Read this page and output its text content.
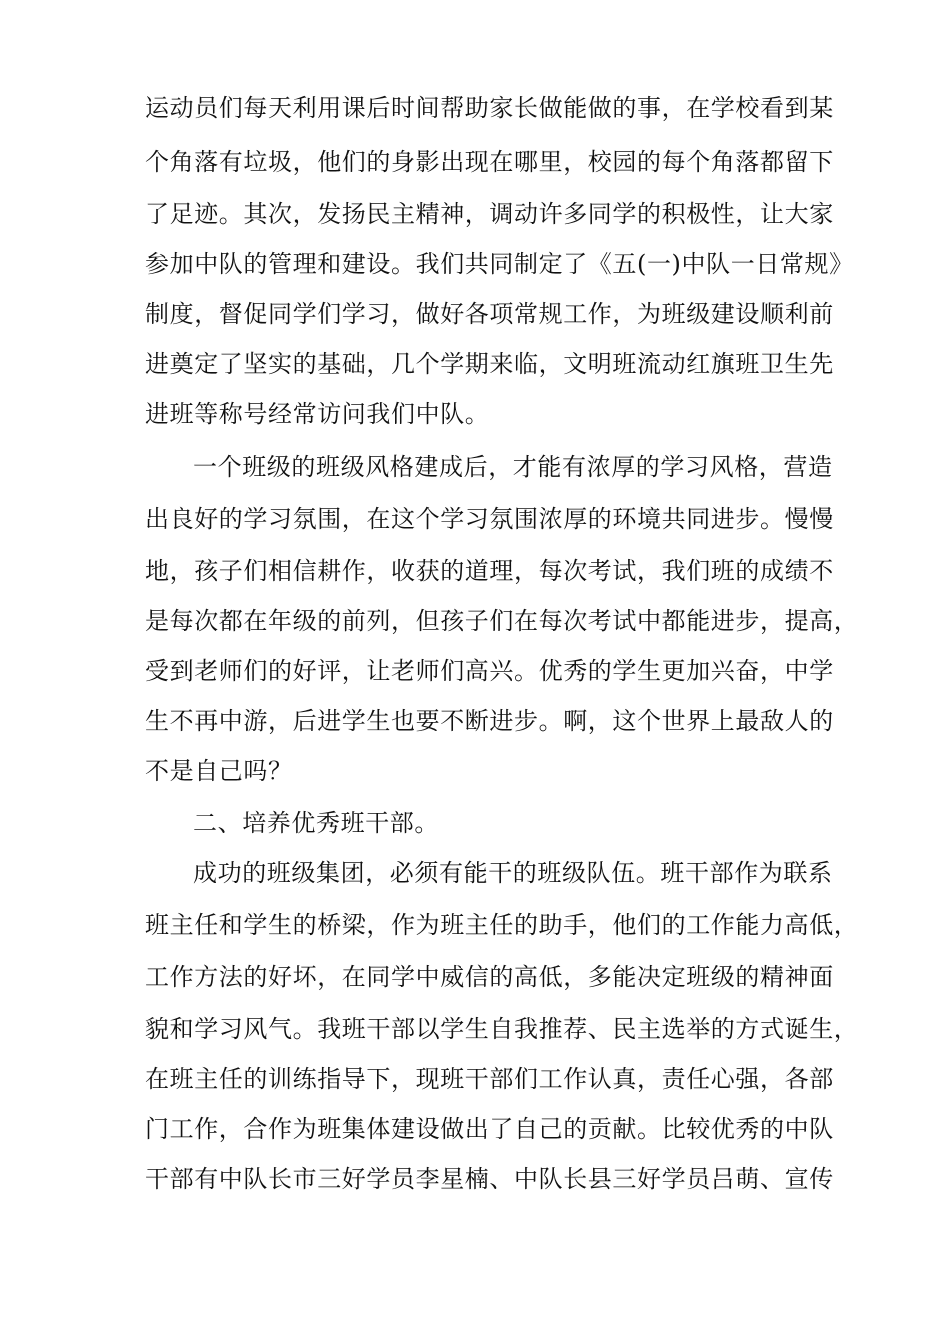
运动员们每天利用课后时间帮助家长做能做的事，在学校看到某
个角落有垃圾，他们的身影出现在哪里，校园的每个角落都留下
了足迹。其次，发扬民主精神，调动许多同学的积极性，让大家
参加中队的管理和建设。我们共同制定了《五(一)中队一日常规》
制度，督促同学们学习，做好各项常规工作，为班级建设顺利前
进奠定了坚实的基础，几个学期来临，文明班流动红旗班卫生先
进班等称号经常访问我们中队。
一个班级的班级风格建成后，才能有浓厚的学习风格，营造
出良好的学习氛围，在这个学习氛围浓厚的环境共同进步。慢慢
地，孩子们相信耕作，收获的道理，每次考试，我们班的成绩不
是每次都在年级的前列，但孩子们在每次考试中都能进步，提高，
受到老师们的好评，让老师们高兴。优秀的学生更加兴奋，中学
生不再中游，后进学生也要不断进步。啊，这个世界上最敌人的
不是自己吗？
二、培养优秀班干部。
成功的班级集团，必须有能干的班级队伍。班干部作为联系
班主任和学生的桥梁，作为班主任的助手，他们的工作能力高低，
工作方法的好坏，在同学中威信的高低，多能决定班级的精神面
貌和学习风气。我班干部以学生自我推荐、民主选举的方式诞生，
在班主任的训练指导下，现班干部们工作认真，责任心强，各部
门工作，合作为班集体建设做出了自己的贡献。比较优秀的中队
干部有中队长市三好学员李星楠、中队长县三好学员吕萌、宣传
